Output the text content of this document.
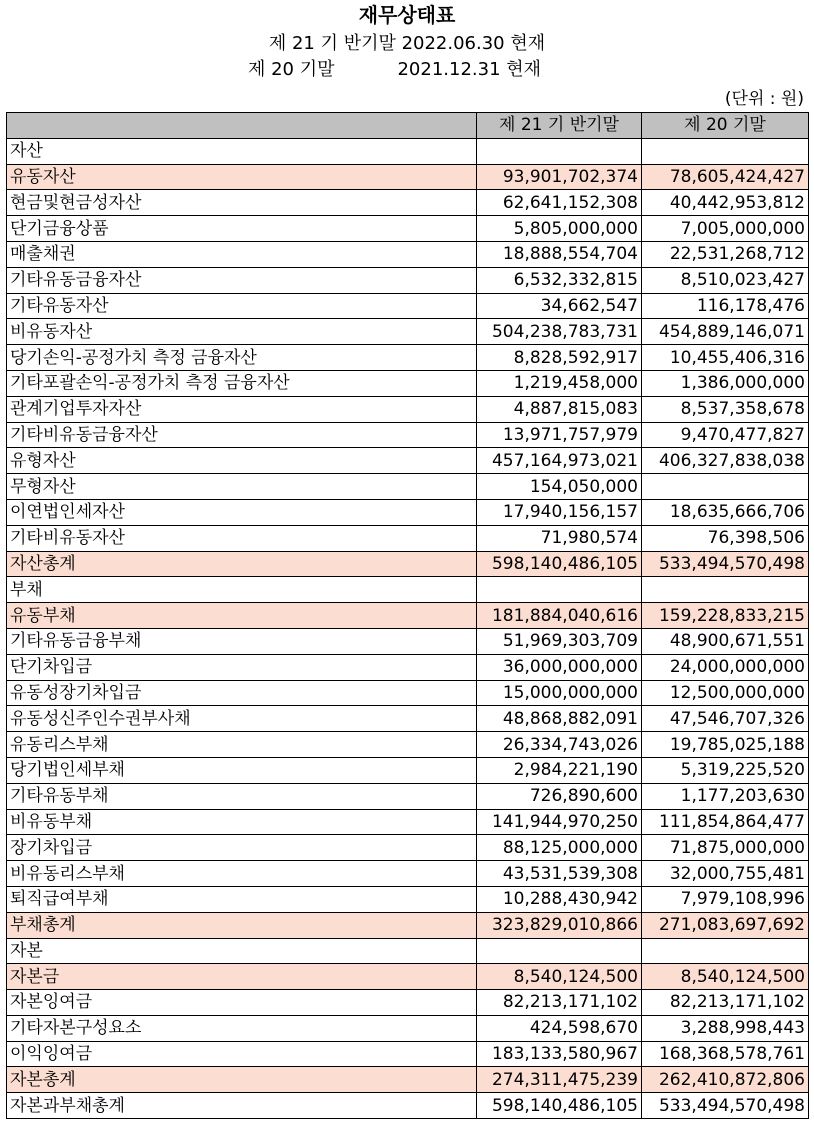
재무상태표
제 21 기 반기말 2022.06.30 현재
제 20 기말	2021.12.31 현재
(단위 : 원)
	제 21 기 반기말	제 20 기말
자산		
유동자산	93,901,702,374	78,605,424,427
현금및현금성자산	62,641,152,308	40,442,953,812
단기금융상품	5,805,000,000	7,005,000,000
매출채권	18,888,554,704	22,531,268,712
기타유동금융자산	6,532,332,815	8,510,023,427
기타유동자산	34,662,547	116,178,476
비유동자산	504,238,783,731	454,889,146,071
당기손익-공정가치 측정 금융자산	8,828,592,917	10,455,406,316
기타포괄손익-공정가치 측정 금융자산	1,219,458,000	1,386,000,000
관계기업투자자산	4,887,815,083	8,537,358,678
기타비유동금융자산	13,971,757,979	9,470,477,827
유형자산	457,164,973,021	406,327,838,038
무형자산	154,050,000	
이연법인세자산	17,940,156,157	18,635,666,706
기타비유동자산	71,980,574	76,398,506
자산총계	598,140,486,105	533,494,570,498
부채		
유동부채	181,884,040,616	159,228,833,215
기타유동금융부채	51,969,303,709	48,900,671,551
단기차입금	36,000,000,000	24,000,000,000
유동성장기차입금	15,000,000,000	12,500,000,000
유동성신주인수권부사채	48,868,882,091	47,546,707,326
유동리스부채	26,334,743,026	19,785,025,188
당기법인세부채	2,984,221,190	5,319,225,520
기타유동부채	726,890,600	1,177,203,630
비유동부채	141,944,970,250	111,854,864,477
장기차입금	88,125,000,000	71,875,000,000
비유동리스부채	43,531,539,308	32,000,755,481
퇴직급여부채	10,288,430,942	7,979,108,996
부채총계	323,829,010,866	271,083,697,692
자본		
자본금	8,540,124,500	8,540,124,500
자본잉여금	82,213,171,102	82,213,171,102
기타자본구성요소	424,598,670	3,288,998,443
이익잉여금	183,133,580,967	168,368,578,761
자본총계	274,311,475,239	262,410,872,806
자본과부채총계	598,140,486,105	533,494,570,498
